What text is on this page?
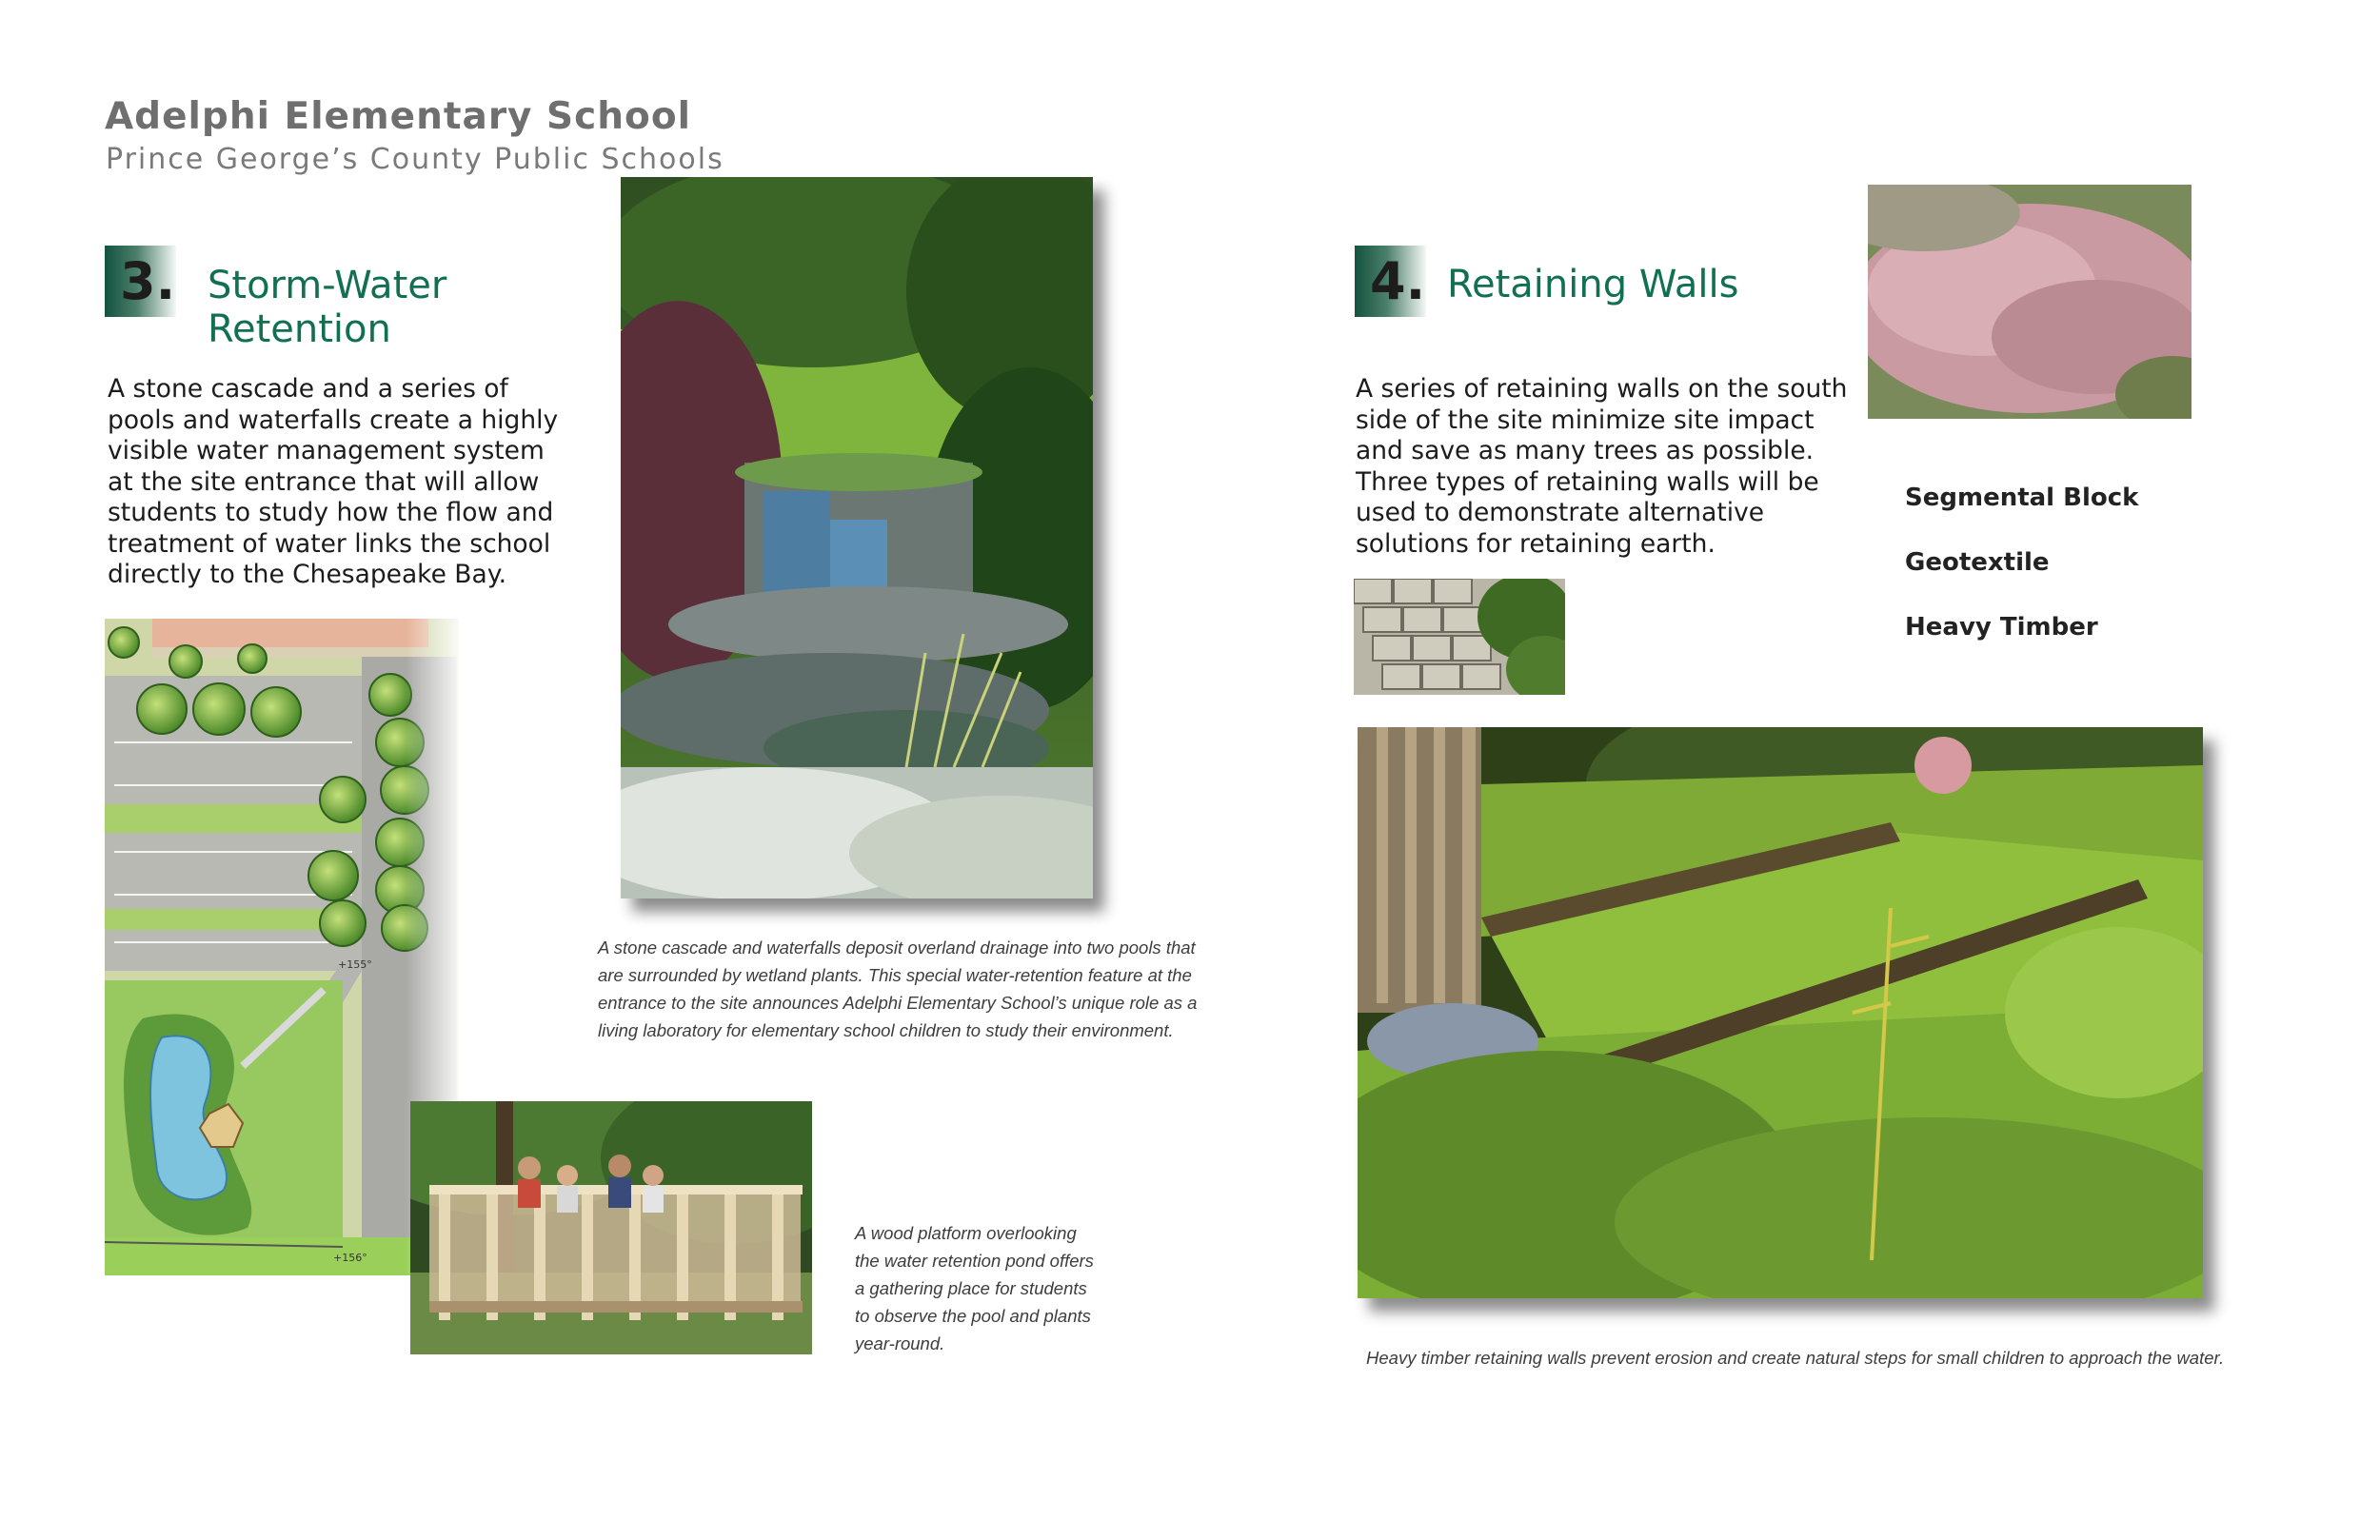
Adelphi Elementary School
Prince George’s County Public Schools
3. Storm-Water
Retention
A stone cascade and a series of
pools and waterfalls create a highly
visible water management system
at the site entrance that will allow
students to study how the flow and
treatment of water links the school
directly to the Chesapeake Bay.
A stone cascade and waterfalls deposit overland drainage into two pools that
are surrounded by wetland plants. This special water-retention feature at the
entrance to the site announces Adelphi Elementary School’s unique role as a
living laboratory for elementary school children to study their environment.
A wood platform overlooking
the water retention pond offers
a gathering place for students
to observe the pool and plants
year-round.
4. Retaining Walls
A series of retaining walls on the south
side of the site minimize site impact
and save as many trees as possible.
Three types of retaining walls will be
used to demonstrate alternative
solutions for retaining earth.
Segmental Block
Geotextile
Heavy Timber
Heavy timber retaining walls prevent erosion and create natural steps for small children to approach the water.
